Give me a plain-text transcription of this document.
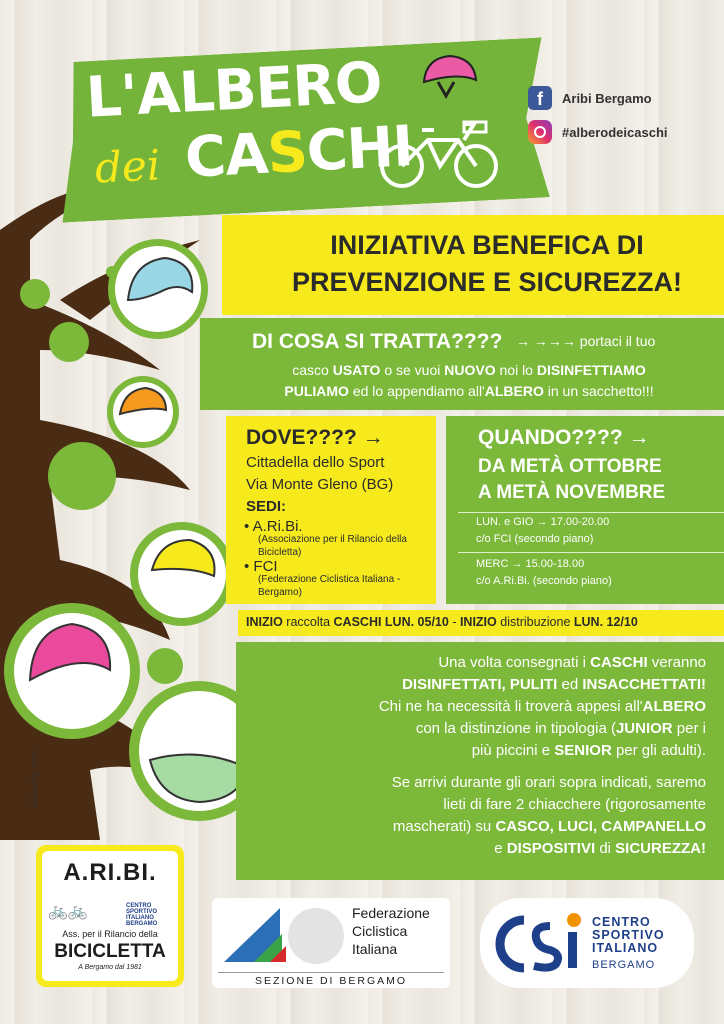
L'ALBERO
dei CASCHI
f	Aribi Bergamo
#alberodeicaschi
INIZIATIVA BENEFICA DI
PREVENZIONE E SICUREZZA!
DI COSA SI TRATTA???? → →→→ portaci il tuo
casco USATO o se vuoi NUOVO noi lo DISINFETTIAMO
PULIAMO ed lo appendiamo all'ALBERO in un sacchetto!!!
DOVE???? →
Cittadella dello Sport
Via Monte Gleno (BG)
SEDI:
• A.Ri.Bi.
(Associazione per il Rilancio della Bicicletta)
• FCI
(Federazione Ciclistica Italiana - Bergamo)
QUANDO???? →
DA METÀ OTTOBRE
A METÀ NOVEMBRE
LUN. e GIO → 17.00-20.00
c/o FCI (secondo piano)
MERC → 15.00-18.00
c/o A.Ri.Bi. (secondo piano)
INIZIO raccolta CASCHI LUN. 05/10 - INIZIO distribuzione LUN. 12/10
Una volta consegnati i CASCHI veranno
DISINFETTATI, PULITI ed INSACCHETTATI!
Chi ne ha necessità li troverà appesi all'ALBERO
con la distinzione in tipologia (JUNIOR per i
più piccini e SENIOR per gli adulti).

Se arrivi durante gli orari sopra indicati, saremo
lieti di fare 2 chiacchere (rigorosamente
mascherati) su CASCO, LUCI, CAMPANELLO
e DISPOSITIVI di SICUREZZA!
designed by RB68
A.RI.BI.
🚲🚲	CENTRO SPORTIVO ITALIANO BERGAMO
Ass. per il Rilancio della
BICICLETTA
A Bergamo dal 1981
Federazione
Ciclistica
Italiana
SEZIONE DI BERGAMO
CENTRO
SPORTIVO
ITALIANO
BERGAMO
